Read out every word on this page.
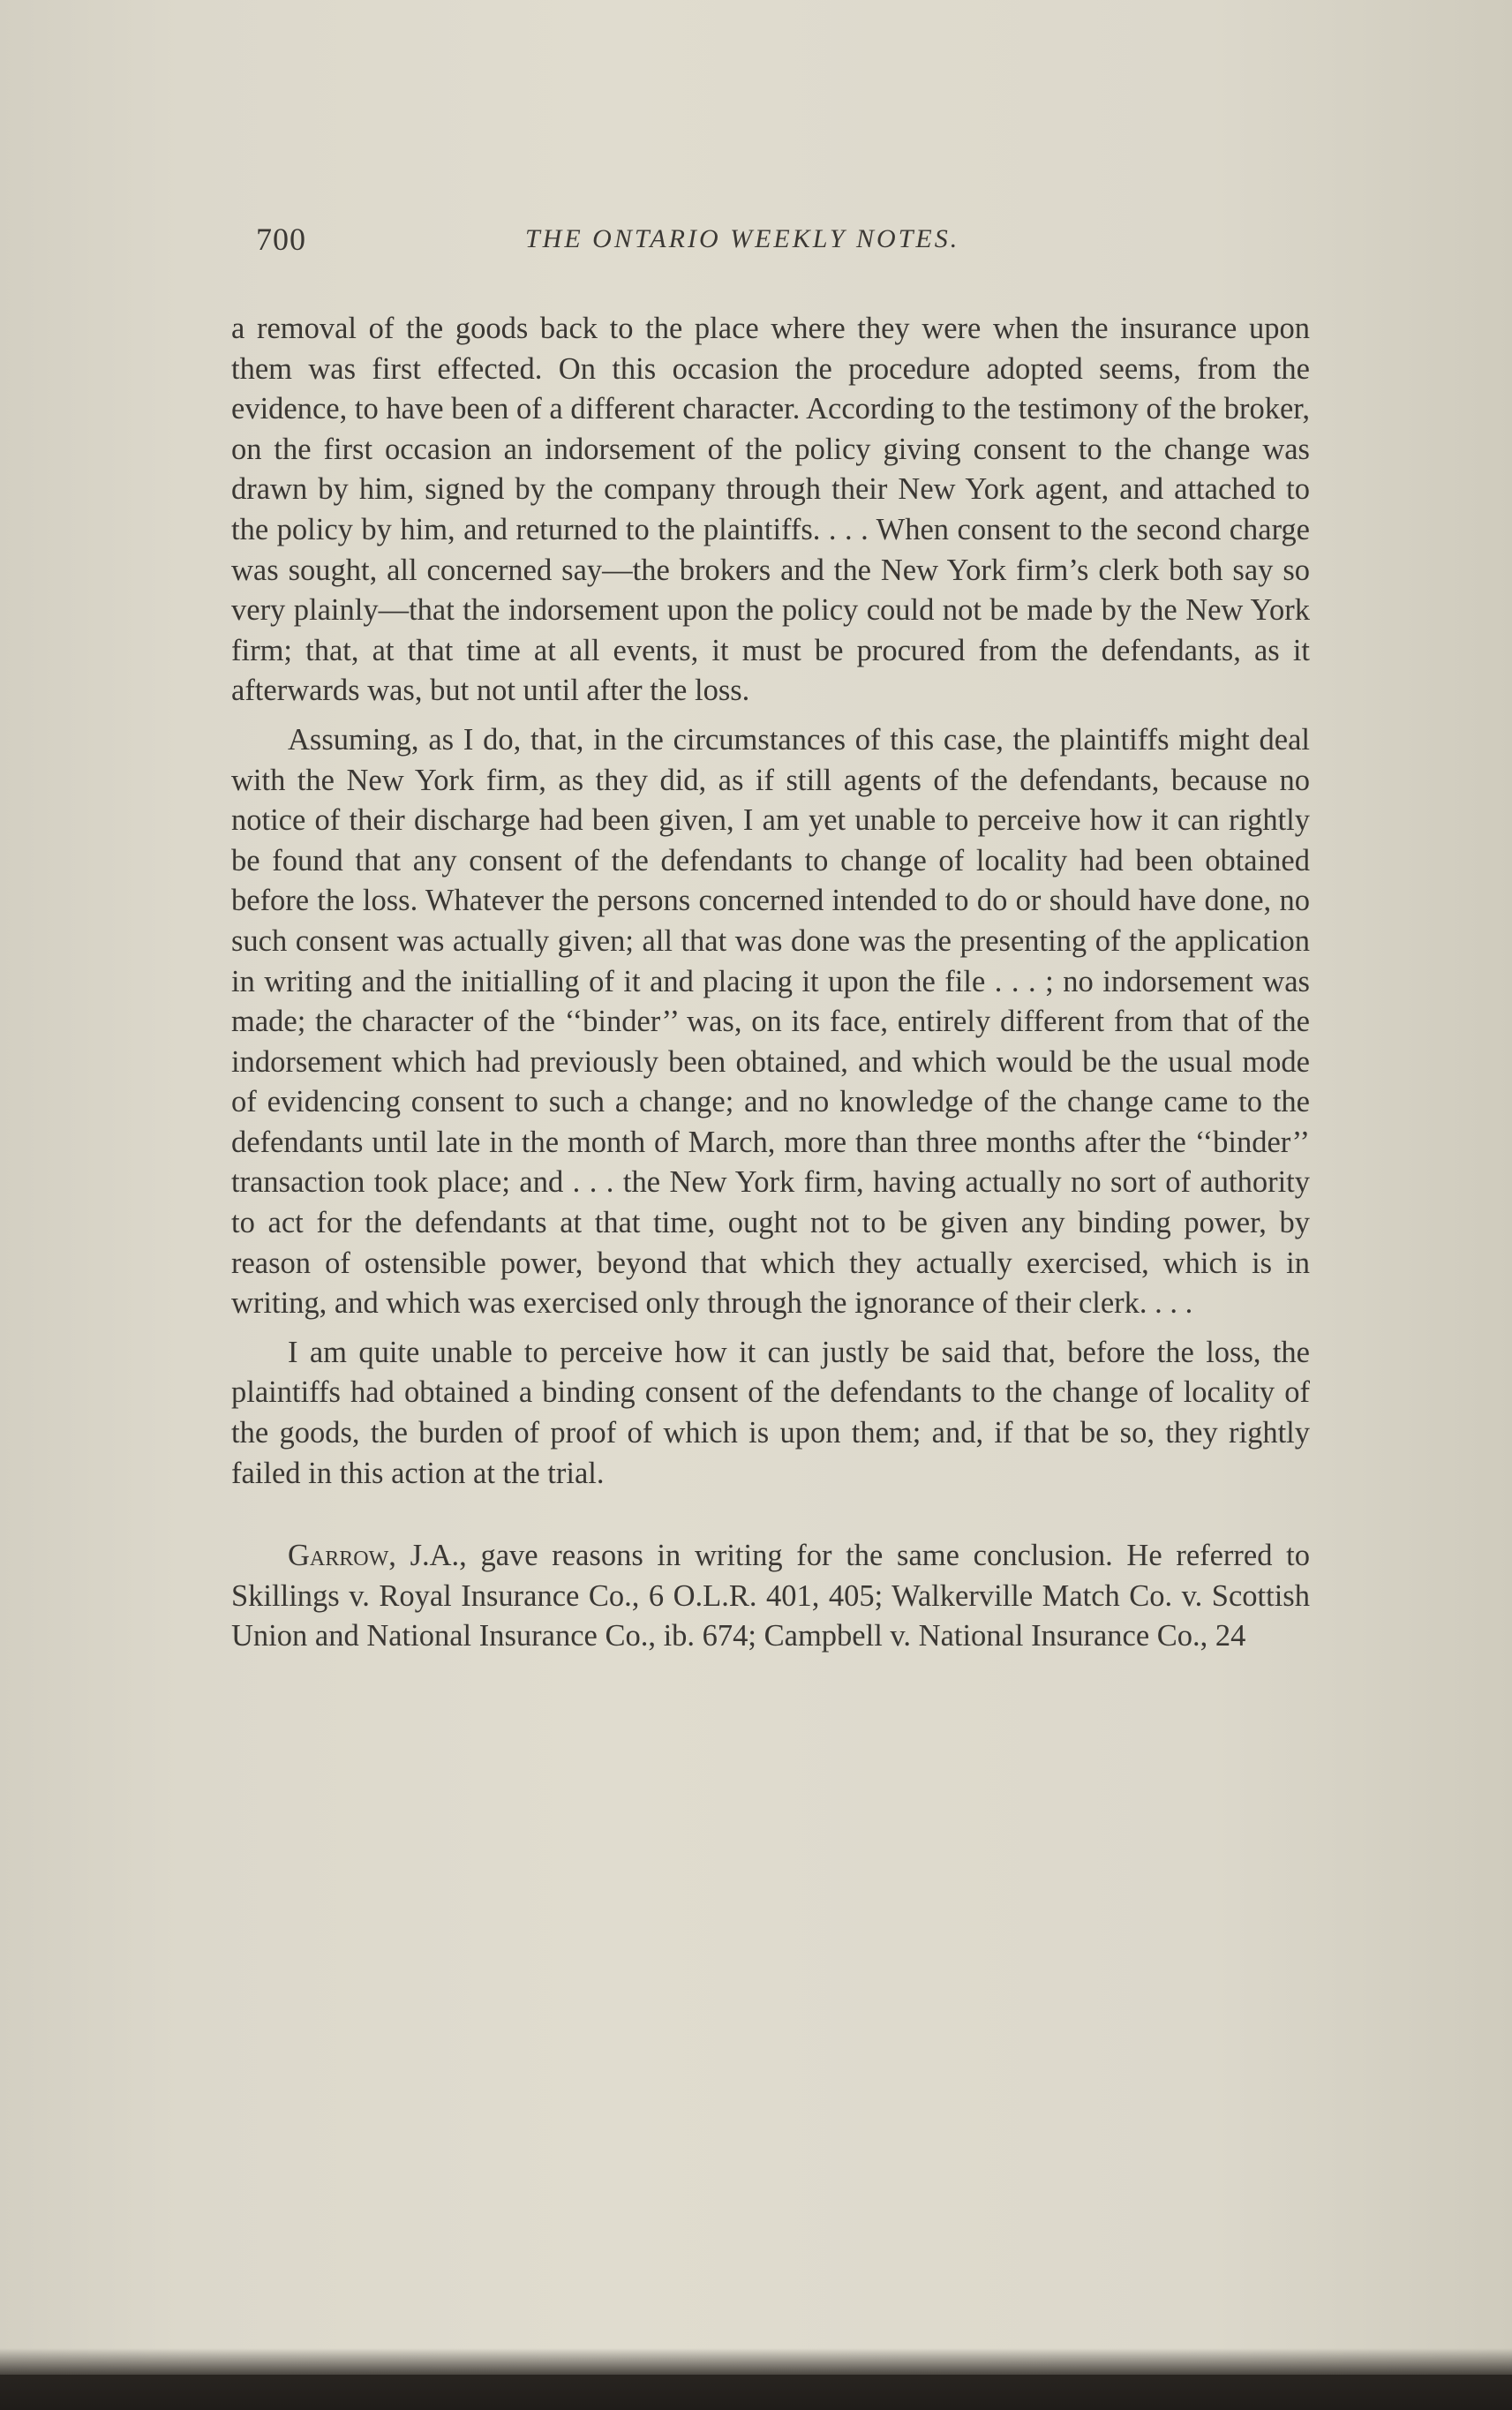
700	THE ONTARIO WEEKLY NOTES.

a removal of the goods back to the place where they were when the insurance upon them was first effected. On this occasion the procedure adopted seems, from the evidence, to have been of a different character. According to the testimony of the broker, on the first occasion an indorsement of the policy giving consent to the change was drawn by him, signed by the company through their New York agent, and attached to the policy by him, and returned to the plaintiffs. . . . When consent to the second charge was sought, all concerned say—the brokers and the New York firm’s clerk both say so very plainly—that the indorsement upon the policy could not be made by the New York firm; that, at that time at all events, it must be procured from the defendants, as it afterwards was, but not until after the loss.

Assuming, as I do, that, in the circumstances of this case, the plaintiffs might deal with the New York firm, as they did, as if still agents of the defendants, because no notice of their discharge had been given, I am yet unable to perceive how it can rightly be found that any consent of the defendants to change of locality had been obtained before the loss. Whatever the persons concerned intended to do or should have done, no such consent was actually given; all that was done was the presenting of the application in writing and the initialling of it and placing it upon the file . . . ; no indorsement was made; the character of the ‘‘binder’’ was, on its face, entirely different from that of the indorsement which had previously been obtained, and which would be the usual mode of evidencing consent to such a change; and no knowledge of the change came to the defendants until late in the month of March, more than three months after the ‘‘binder’’ transaction took place; and . . . the New York firm, having actually no sort of authority to act for the defendants at that time, ought not to be given any binding power, by reason of ostensible power, beyond that which they actually exercised, which is in writing, and which was exercised only through the ignorance of their clerk. . . .

I am quite unable to perceive how it can justly be said that, before the loss, the plaintiffs had obtained a binding consent of the defendants to the change of locality of the goods, the burden of proof of which is upon them; and, if that be so, they rightly failed in this action at the trial.

Garrow, J.A., gave reasons in writing for the same conclusion. He referred to Skillings v. Royal Insurance Co., 6 O.L.R. 401, 405; Walkerville Match Co. v. Scottish Union and National Insurance Co., ib. 674; Campbell v. National Insurance Co., 24
